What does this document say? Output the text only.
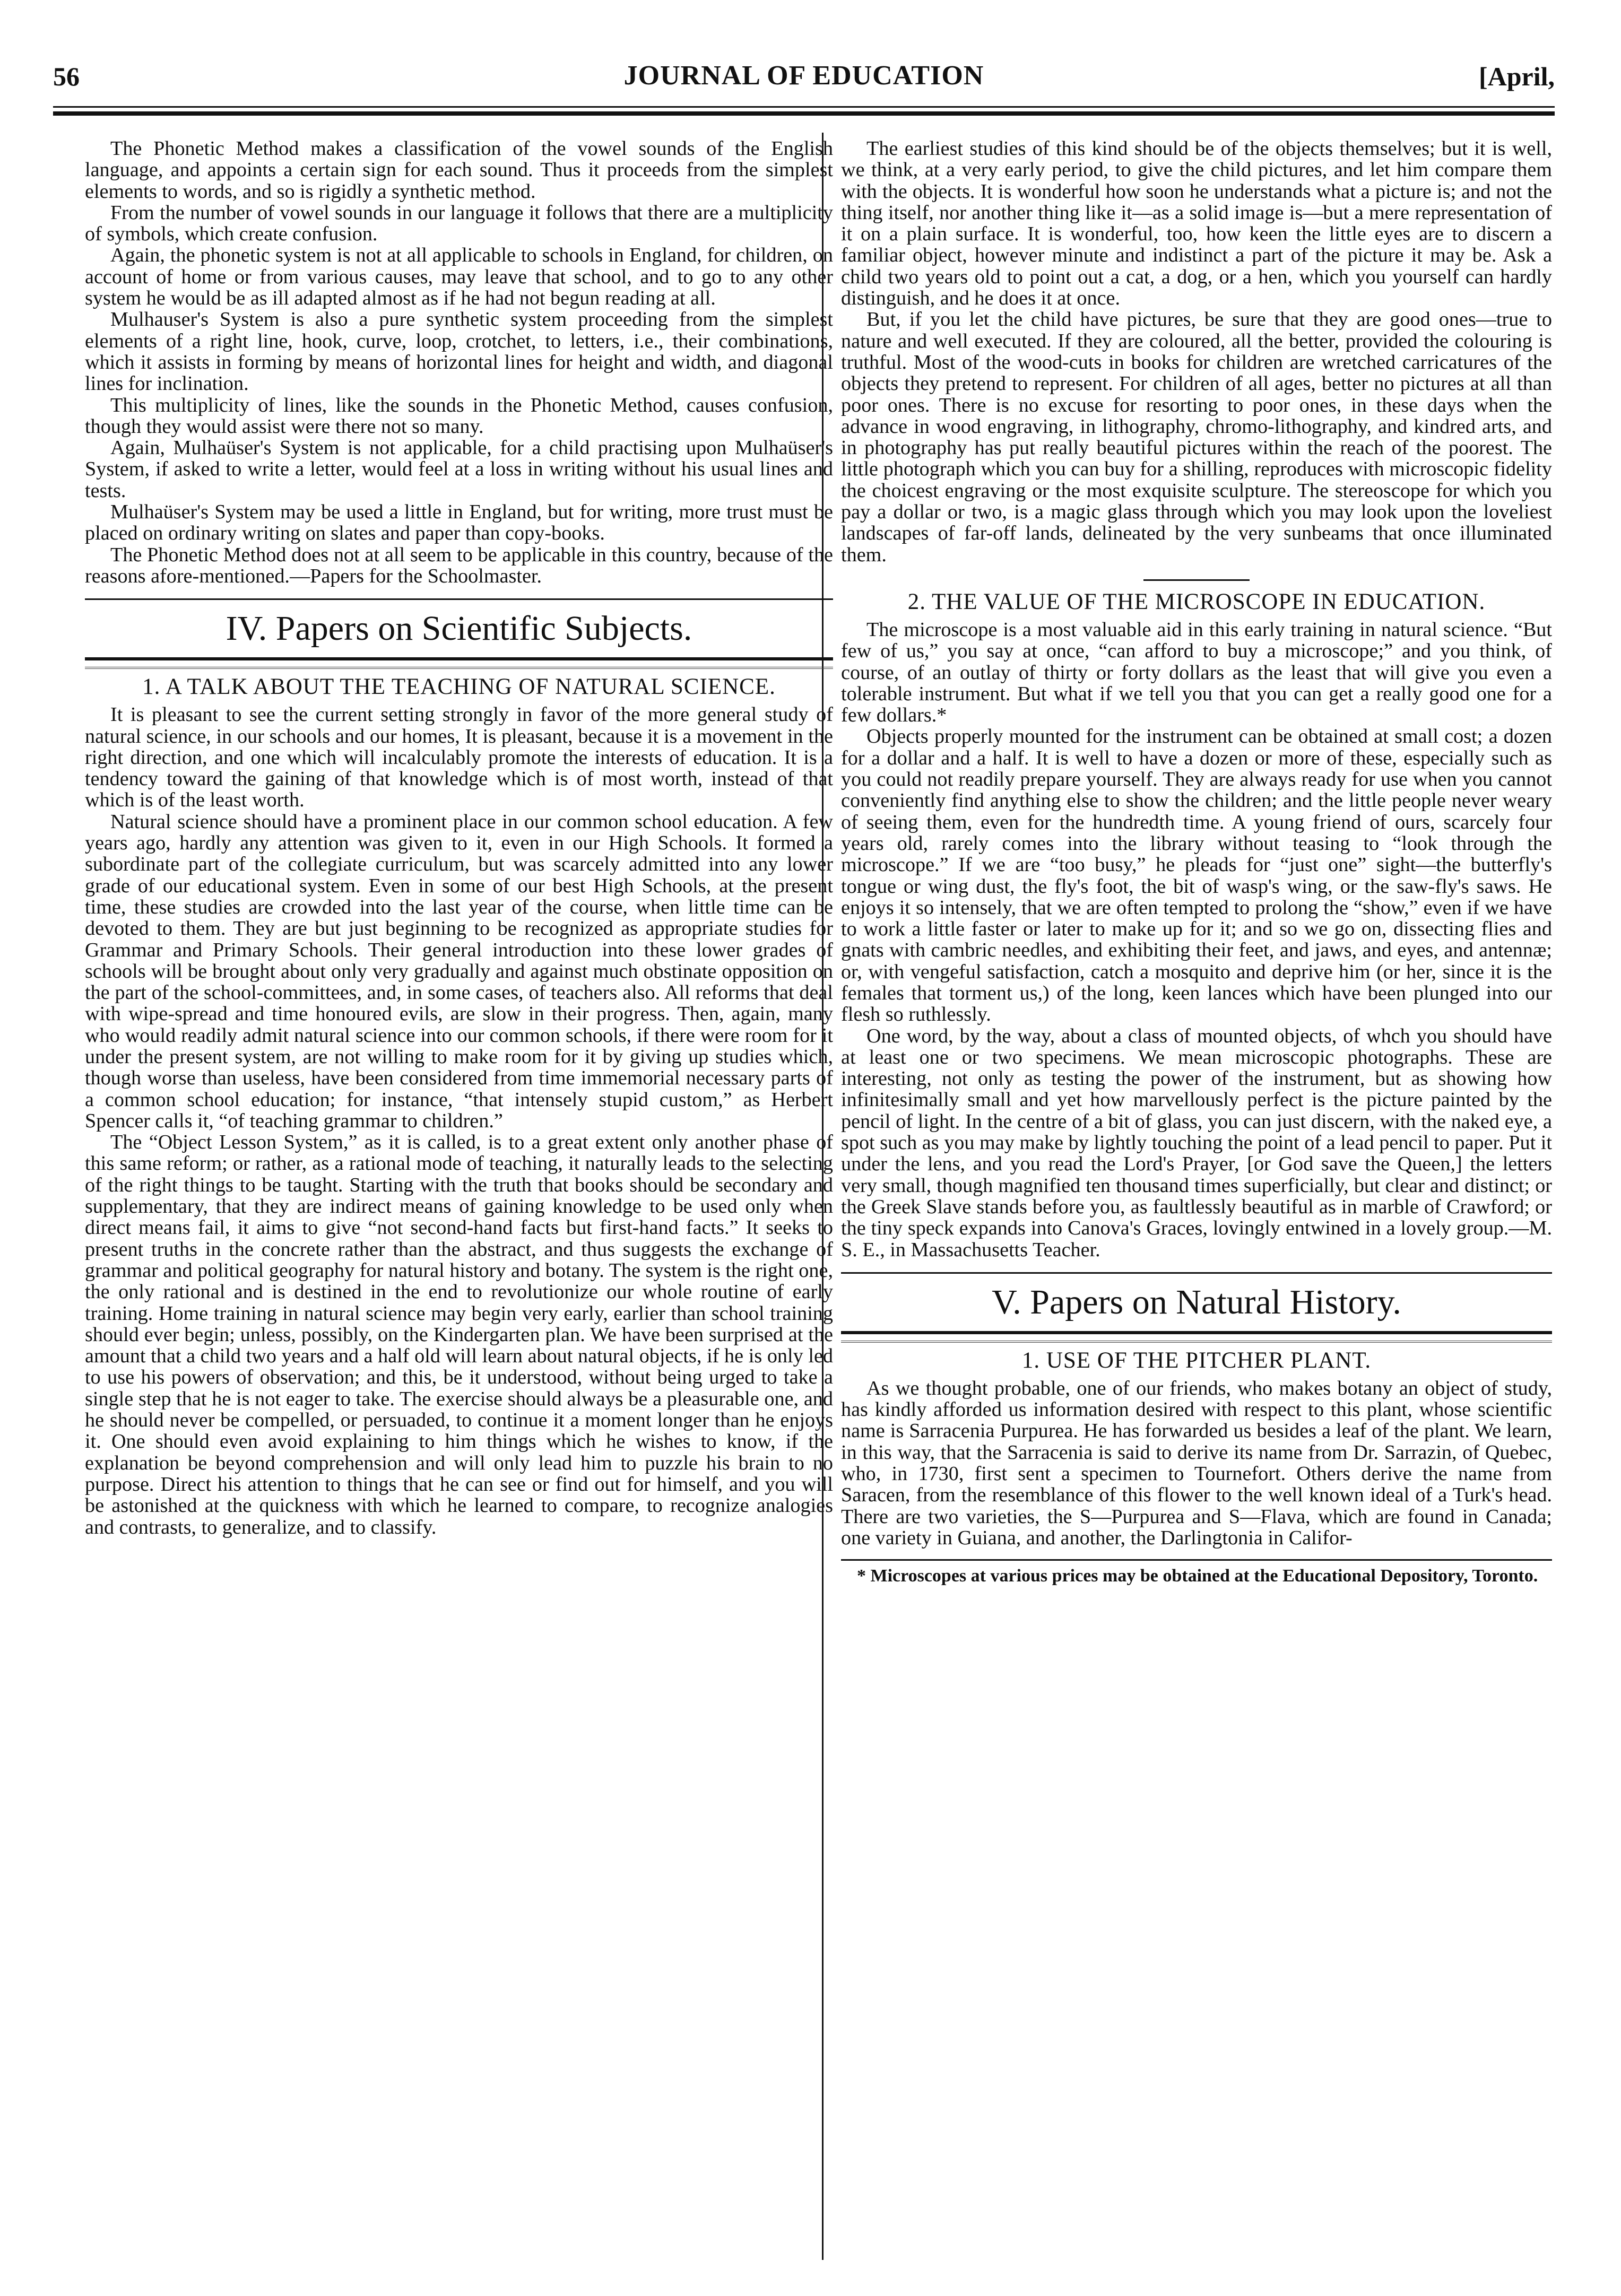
56	JOURNAL OF EDUCATION	[April,

The Phonetic Method makes a classification of the vowel sounds of the English language, and appoints a certain sign for each sound. Thus it proceeds from the simplest elements to words, and so is rigidly a synthetic method.

From the number of vowel sounds in our language it follows that there are a multiplicity of symbols, which create confusion.

Again, the phonetic system is not at all applicable to schools in England, for children, on account of home or from various causes, may leave that school, and to go to any other system he would be as ill adapted almost as if he had not begun reading at all.

Mulhauser's System is also a pure synthetic system proceeding from the simplest elements of a right line, hook, curve, loop, crotchet, to letters, i.e., their combinations, which it assists in forming by means of horizontal lines for height and width, and diagonal lines for inclination.

This multiplicity of lines, like the sounds in the Phonetic Method, causes confusion, though they would assist were there not so many.

Again, Mulhaüser's System is not applicable, for a child practising upon Mulhaüser's System, if asked to write a letter, would feel at a loss in writing without his usual lines and tests.

Mulhaüser's System may be used a little in England, but for writing, more trust must be placed on ordinary writing on slates and paper than copy-books.

The Phonetic Method does not at all seem to be applicable in this country, because of the reasons afore-mentioned.—Papers for the Schoolmaster.

IV. Papers on Scientific Subjects.
1. A TALK ABOUT THE TEACHING OF NATURAL SCIENCE.

It is pleasant to see the current setting strongly in favor of the more general study of natural science, in our schools and our homes, It is pleasant, because it is a movement in the right direction, and one which will incalculably promote the interests of education. It is a tendency toward the gaining of that knowledge which is of most worth, instead of that which is of the least worth.

Natural science should have a prominent place in our common school education. A few years ago, hardly any attention was given to it, even in our High Schools. It formed a subordinate part of the collegiate curriculum, but was scarcely admitted into any lower grade of our educational system. Even in some of our best High Schools, at the present time, these studies are crowded into the last year of the course, when little time can be devoted to them. They are but just beginning to be recognized as appropriate studies for Grammar and Primary Schools. Their general introduction into these lower grades of schools will be brought about only very gradually and against much obstinate opposition on the part of the school-committees, and, in some cases, of teachers also. All reforms that deal with wipe-spread and time honoured evils, are slow in their progress. Then, again, many who would readily admit natural science into our common schools, if there were room for it under the present system, are not willing to make room for it by giving up studies which, though worse than useless, have been considered from time immemorial necessary parts of a common school education; for instance, “that intensely stupid custom,” as Herbert Spencer calls it, “of teaching grammar to children.”

The “Object Lesson System,” as it is called, is to a great extent only another phase of this same reform; or rather, as a rational mode of teaching, it naturally leads to the selecting of the right things to be taught. Starting with the truth that books should be secondary and supplementary, that they are indirect means of gaining knowledge to be used only when direct means fail, it aims to give “not second-hand facts but first-hand facts.” It seeks to present truths in the concrete rather than the abstract, and thus suggests the exchange of grammar and political geography for natural history and botany. The system is the right one, the only rational and is destined in the end to revolutionize our whole routine of early training. Home training in natural science may begin very early, earlier than school training should ever begin; unless, possibly, on the Kindergarten plan. We have been surprised at the amount that a child two years and a half old will learn about natural objects, if he is only led to use his powers of observation; and this, be it understood, without being urged to take a single step that he is not eager to take. The exercise should always be a pleasurable one, and he should never be compelled, or persuaded, to continue it a moment longer than he enjoys it. One should even avoid explaining to him things which he wishes to know, if the explanation be beyond comprehension and will only lead him to puzzle his brain to no purpose. Direct his attention to things that he can see or find out for himself, and you will be astonished at the quickness with which he learned to compare, to recognize analogies and contrasts, to generalize, and to classify.

The earliest studies of this kind should be of the objects themselves; but it is well, we think, at a very early period, to give the child pictures, and let him compare them with the objects. It is wonderful how soon he understands what a picture is; and not the thing itself, nor another thing like it—as a solid image is—but a mere representation of it on a plain surface. It is wonderful, too, how keen the little eyes are to discern a familiar object, however minute and indistinct a part of the picture it may be. Ask a child two years old to point out a cat, a dog, or a hen, which you yourself can hardly distinguish, and he does it at once.

But, if you let the child have pictures, be sure that they are good ones—true to nature and well executed. If they are coloured, all the better, provided the colouring is truthful. Most of the wood-cuts in books for children are wretched carricatures of the objects they pretend to represent. For children of all ages, better no pictures at all than poor ones. There is no excuse for resorting to poor ones, in these days when the advance in wood engraving, in lithography, chromo-lithography, and kindred arts, and in photography has put really beautiful pictures within the reach of the poorest. The little photograph which you can buy for a shilling, reproduces with microscopic fidelity the choicest engraving or the most exquisite sculpture. The stereoscope for which you pay a dollar or two, is a magic glass through which you may look upon the loveliest landscapes of far-off lands, delineated by the very sunbeams that once illuminated them.

2. THE VALUE OF THE MICROSCOPE IN EDUCATION.

The microscope is a most valuable aid in this early training in natural science. “But few of us,” you say at once, “can afford to buy a microscope;” and you think, of course, of an outlay of thirty or forty dollars as the least that will give you even a tolerable instrument. But what if we tell you that you can get a really good one for a few dollars.*

Objects properly mounted for the instrument can be obtained at small cost; a dozen for a dollar and a half. It is well to have a dozen or more of these, especially such as you could not readily prepare yourself. They are always ready for use when you cannot conveniently find anything else to show the children; and the little people never weary of seeing them, even for the hundredth time. A young friend of ours, scarcely four years old, rarely comes into the library without teasing to “look through the microscope.” If we are “too busy,” he pleads for “just one” sight—the butterfly's tongue or wing dust, the fly's foot, the bit of wasp's wing, or the saw-fly's saws. He enjoys it so intensely, that we are often tempted to prolong the “show,” even if we have to work a little faster or later to make up for it; and so we go on, dissecting flies and gnats with cambric needles, and exhibiting their feet, and jaws, and eyes, and antennæ; or, with vengeful satisfaction, catch a mosquito and deprive him (or her, since it is the females that torment us,) of the long, keen lances which have been plunged into our flesh so ruthlessly.

One word, by the way, about a class of mounted objects, of whch you should have at least one or two specimens. We mean microscopic photographs. These are interesting, not only as testing the power of the instrument, but as showing how infinitesimally small and yet how marvellously perfect is the picture painted by the pencil of light. In the centre of a bit of glass, you can just discern, with the naked eye, a spot such as you may make by lightly touching the point of a lead pencil to paper. Put it under the lens, and you read the Lord's Prayer, [or God save the Queen,] the letters very small, though magnified ten thousand times superficially, but clear and distinct; or the Greek Slave stands before you, as faultlessly beautiful as in marble of Crawford; or the tiny speck expands into Canova's Graces, lovingly entwined in a lovely group.—M. S. E., in Massachusetts Teacher.

V. Papers on Natural History.
1. USE OF THE PITCHER PLANT.

As we thought probable, one of our friends, who makes botany an object of study, has kindly afforded us information desired with respect to this plant, whose scientific name is Sarracenia Purpurea. He has forwarded us besides a leaf of the plant. We learn, in this way, that the Sarracenia is said to derive its name from Dr. Sarrazin, of Quebec, who, in 1730, first sent a specimen to Tournefort. Others derive the name from Saracen, from the resemblance of this flower to the well known ideal of a Turk's head. There are two varieties, the S—Purpurea and S—Flava, which are found in Canada; one variety in Guiana, and another, the Darlingtonia in Califor-

* Microscopes at various prices may be obtained at the Educational Depository, Toronto.
